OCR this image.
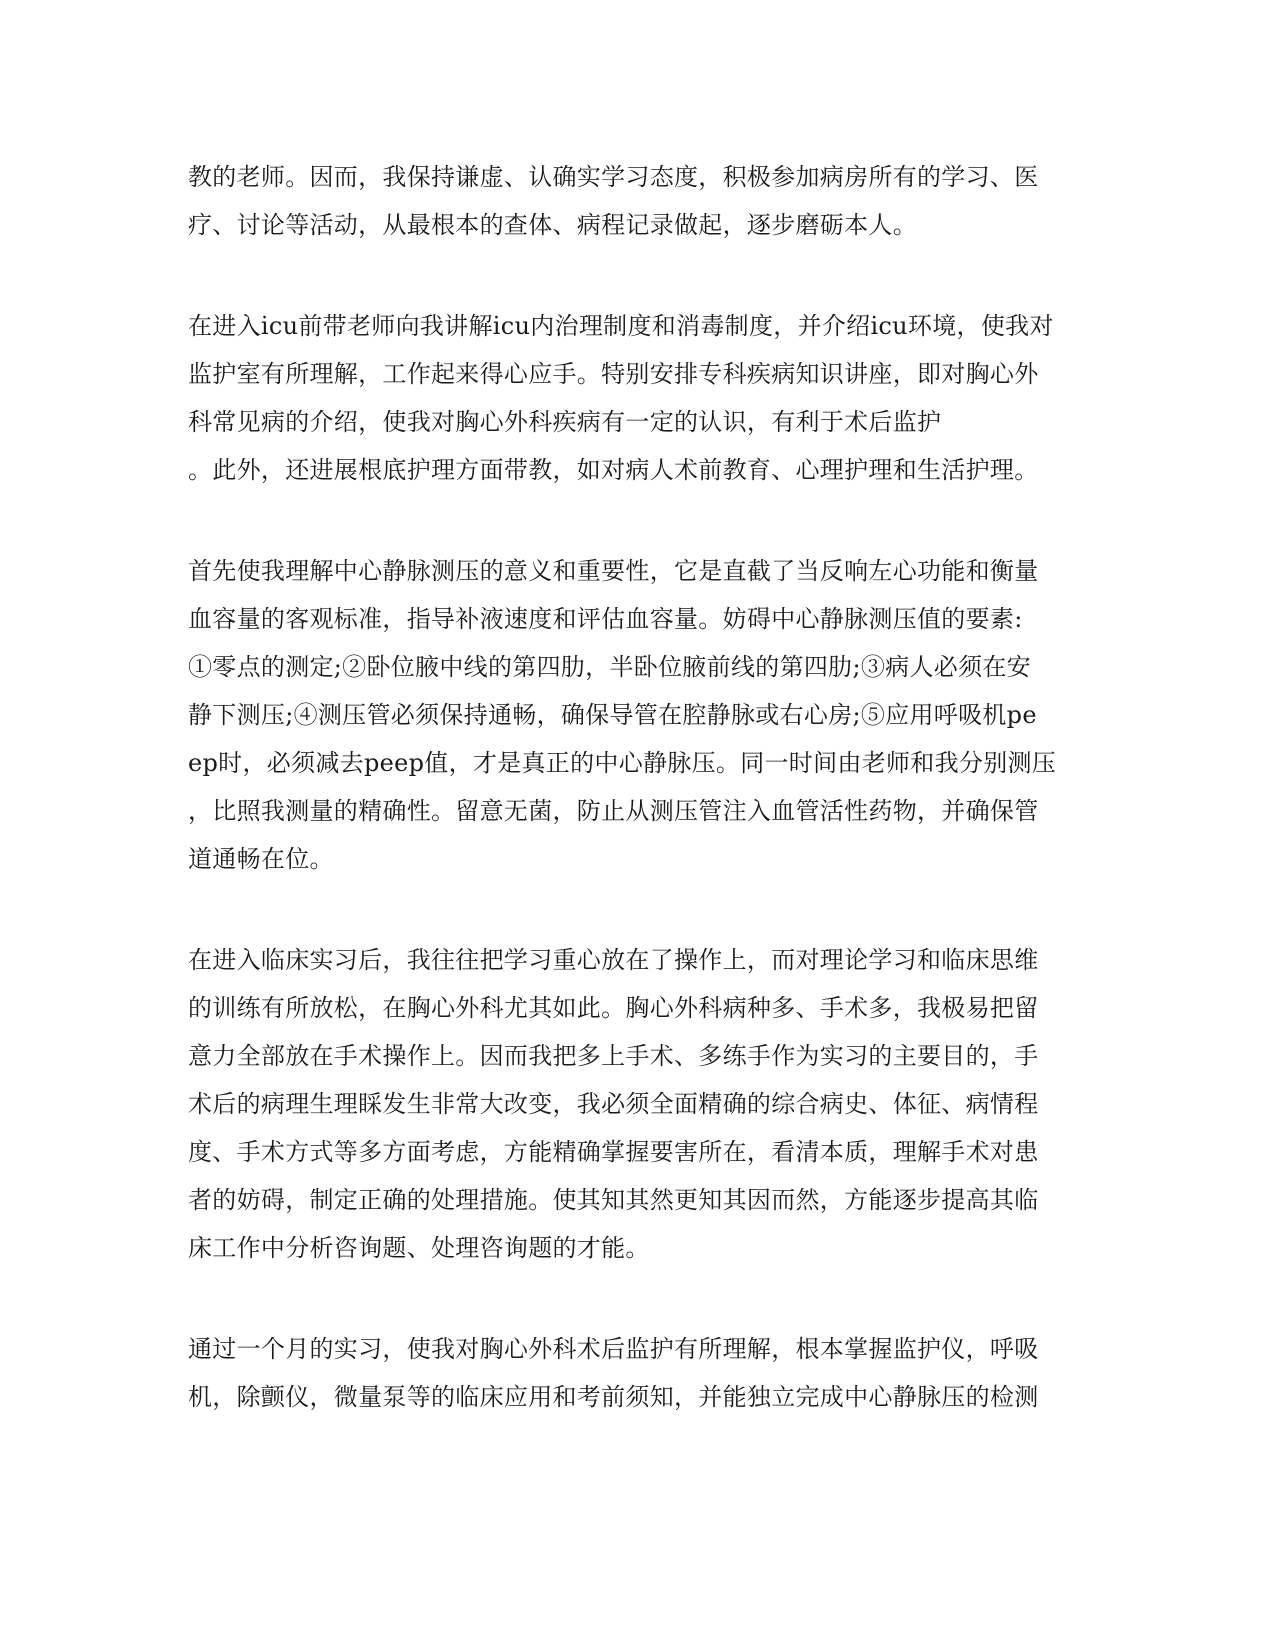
教的老师。因而，我保持谦虚、认确实学习态度，积极参加病房所有的学习、医
疗、讨论等活动，从最根本的查体、病程记录做起，逐步磨砺本人。
在进入icu前带老师向我讲解icu内治理制度和消毒制度，并介绍icu环境，使我对
监护室有所理解，工作起来得心应手。特别安排专科疾病知识讲座，即对胸心外
科常见病的介绍，使我对胸心外科疾病有一定的认识，有利于术后监护
。此外，还进展根底护理方面带教，如对病人术前教育、心理护理和生活护理。
首先使我理解中心静脉测压的意义和重要性，它是直截了当反响左心功能和衡量
血容量的客观标准，指导补液速度和评估血容量。妨碍中心静脉测压值的要素:
①零点的测定;②卧位腋中线的第四肋，半卧位腋前线的第四肋;③病人必须在安
静下测压;④测压管必须保持通畅，确保导管在腔静脉或右心房;⑤应用呼吸机pe
ep时，必须减去peep值，才是真正的中心静脉压。同一时间由老师和我分别测压
，比照我测量的精确性。留意无菌，防止从测压管注入血管活性药物，并确保管
道通畅在位。
在进入临床实习后，我往往把学习重心放在了操作上，而对理论学习和临床思维
的训练有所放松，在胸心外科尤其如此。胸心外科病种多、手术多，我极易把留
意力全部放在手术操作上。因而我把多上手术、多练手作为实习的主要目的，手
术后的病理生理睬发生非常大改变，我必须全面精确的综合病史、体征、病情程
度、手术方式等多方面考虑，方能精确掌握要害所在，看清本质，理解手术对患
者的妨碍，制定正确的处理措施。使其知其然更知其因而然，方能逐步提高其临
床工作中分析咨询题、处理咨询题的才能。
通过一个月的实习，使我对胸心外科术后监护有所理解，根本掌握监护仪，呼吸
机，除颤仪，微量泵等的临床应用和考前须知，并能独立完成中心静脉压的检测
